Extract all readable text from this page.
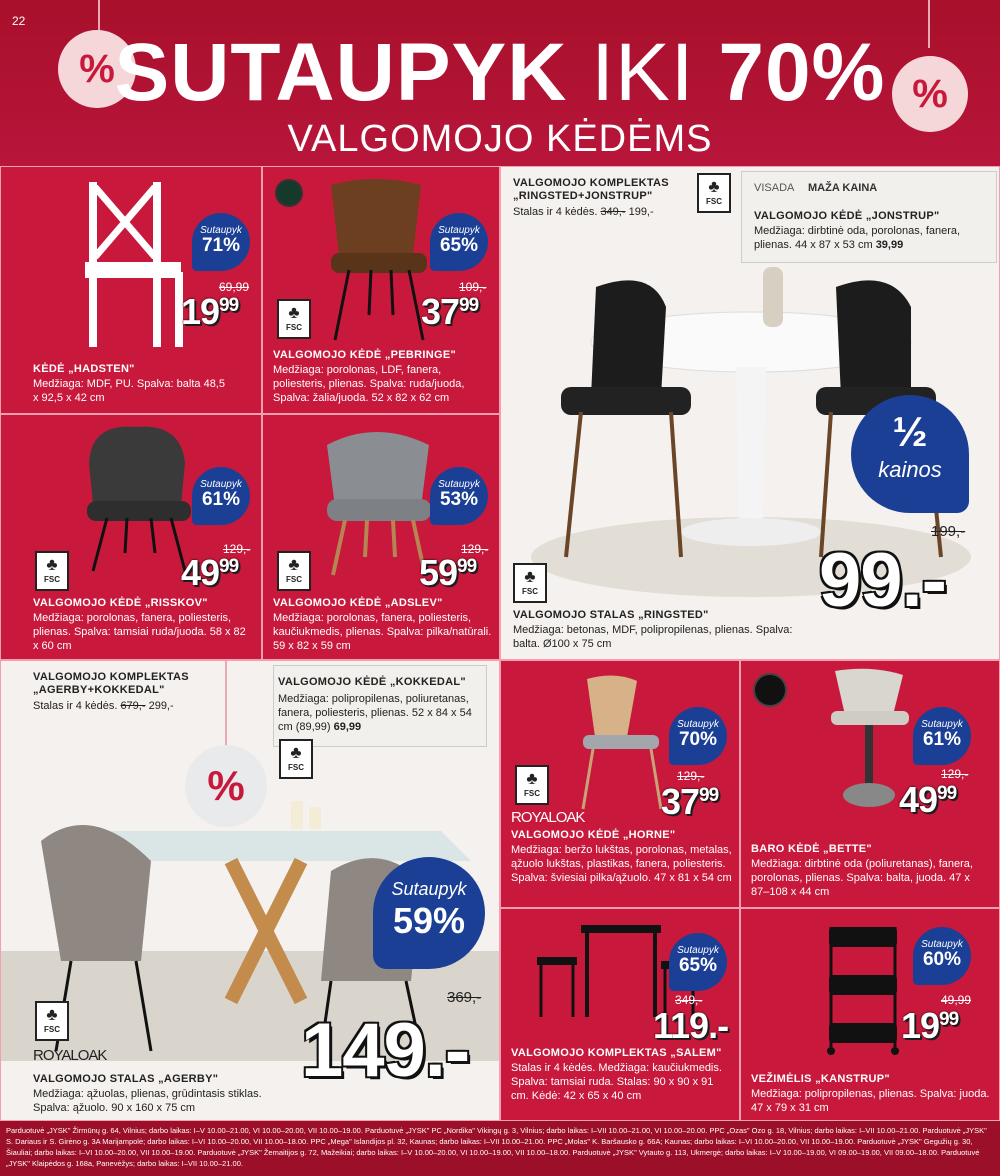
22
%
%
SUTAUPYK IKI 70%
VALGOMOJO KĖDĖMS
Sutaupyk
71%
69,99
$19^{99}$
KĖDĖ „HADSTEN"
Medžiaga: MDF, PU. Spalva: balta 48,5 x 92,5 x 42 cm
Sutaupyk
65%
109,-
$37^{99}$
♣ FSC
VALGOMOJO KĖDĖ „PEBRINGE"
Medžiaga: porolonas, LDF, fanera, poliesteris, plienas. Spalva: ruda/juoda, Spalva: žalia/juoda. 52 x 82 x 62 cm
Sutaupyk
61%
129,-
$49^{99}$
♣ FSC
VALGOMOJO KĖDĖ „RISSKOV"
Medžiaga: porolonas, fanera, poliesteris, plienas. Spalva: tamsiai ruda/juoda. 58 x 82 x 60 cm
Sutaupyk
53%
129,-
$59^{99}$
♣ FSC
VALGOMOJO KĖDĖ „ADSLEV"
Medžiaga: porolonas, fanera, poliesteris, kaučiukmedis, plienas. Spalva: pilka/natūrali. 59 x 82 x 59 cm
VALGOMOJO KOMPLEKTAS „RINGSTED+JONSTRUP"
Stalas ir 4 kėdės. 349,- 199,-
♣ FSC
VISADA MAŽA KAINA
VALGOMOJO KĖDĖ „JONSTRUP"
Medžiaga: dirbtinė oda, porolonas, fanera, plienas. 44 x 87 x 53 cm 39,99
½
kainos
199,-
99.-
♣ FSC
VALGOMOJO STALAS „RINGSTED"
Medžiaga: betonas, MDF, polipropilenas, plienas. Spalva: balta. Ø100 x 75 cm
VALGOMOJO KOMPLEKTAS „AGERBY+KOKKEDAL"
Stalas ir 4 kėdės. 679,- 299,-
VALGOMOJO KĖDĖ „KOKKEDAL"
Medžiaga: polipropilenas, poliuretanas, fanera, poliesteris, plienas. 52 x 84 x 54 cm (89,99) 69,99
♣ FSC
%
Sutaupyk
59%
369,-
149.-
♣ FSC
ROYALOAK
VALGOMOJO STALAS „AGERBY"
Medžiaga: ąžuolas, plienas, grūdintasis stiklas. Spalva: ąžuolo. 90 x 160 x 75 cm
Sutaupyk
70%
129,-
$37^{99}$
♣ FSC
ROYALOAK
VALGOMOJO KĖDĖ „HORNE"
Medžiaga: beržo lukštas, porolonas, metalas, ąžuolo lukštas, plastikas, fanera, poliesteris. Spalva: šviesiai pilka/ąžuolo. 47 x 81 x 54 cm
Sutaupyk
61%
129,-
$49^{99}$
BARO KĖDĖ „BETTE"
Medžiaga: dirbtinė oda (poliuretanas), fanera, porolonas, plienas. Spalva: balta, juoda. 47 x 87–108 x 44 cm
Sutaupyk
65%
349,-
119.-
VALGOMOJO KOMPLEKTAS „SALEM"
Stalas ir 4 kėdės. Medžiaga: kaučiukmedis. Spalva: tamsiai ruda. Stalas: 90 x 90 x 91 cm. Kėdė: 42 x 65 x 40 cm
Sutaupyk
60%
49,99
$19^{99}$
VEŽIMĖLIS „KANSTRUP"
Medžiaga: polipropilenas, plienas. Spalva: juoda. 47 x 79 x 31 cm
Parduotuvė „JYSK" Žirmūnų g. 64, Vilnius; darbo laikas: I–V 10.00–21.00, VI 10.00–20.00, VII 10.00–19.00. Parduotuvė „JYSK" PC „Nordika" Vikingų g. 3, Vilnius; darbo laikas: I–VII 10.00–21.00, VI 10.00–20.00. PPC „Ozas" Ozo g. 18, Vilnius; darbo laikas: I–VII 10.00–21.00. Parduotuvė „JYSK" S. Dariaus ir S. Girėno g. 3A Marijampolė; darbo laikas: I–VI 10.00–20.00, VII 10.00–18.00. PPC „Mega" Islandijos pl. 32, Kaunas; darbo laikas: I–VII 10.00–21.00. PPC „Molas" K. Baršausko g. 66A; Kaunas; darbo laikas: I–VI 10.00–20.00, VII 10.00–19.00. Parduotuvė „JYSK" Gegužių g. 30, Šiauliai; darbo laikas: I–VI 10.00–20.00, VII 10.00–19.00. Parduotuvė „JYSK" Žemaitijos g. 72, Mažeikiai; darbo laikas: I–V 10.00–20.00, VI 10.00–19.00, VII 10.00–18.00. Parduotuvė „JYSK" Vytauto g. 113, Ukmergė; darbo laikas: I–V 10.00–19.00, VI 09.00–19.00, VII 09.00–18.00. Parduotuvė „JYSK" Klaipėdos g. 168a, Panevėžys; darbo laikas: I–VII 10.00–21.00.
